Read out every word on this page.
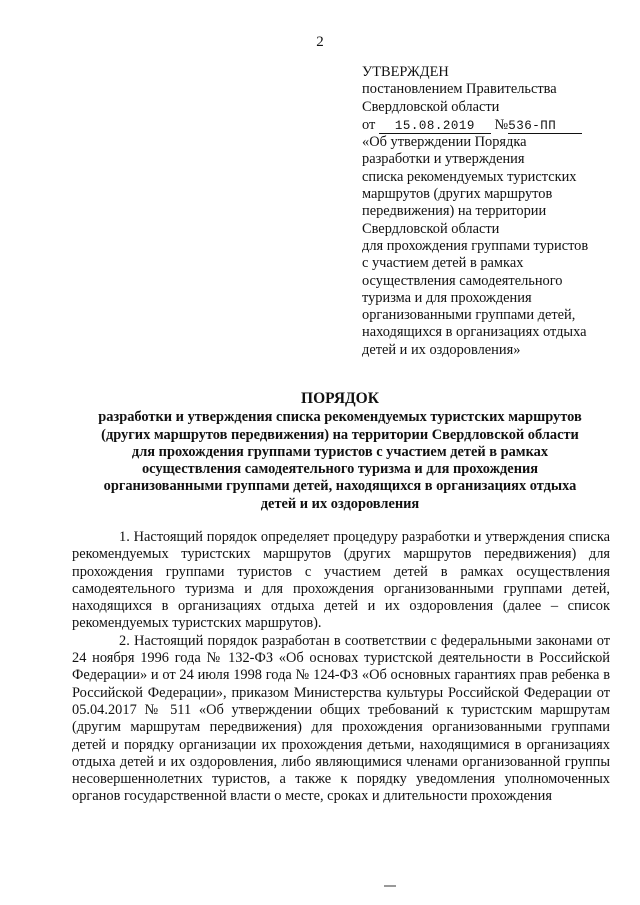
2
УТВЕРЖДЕН
постановлением Правительства
Свердловской области
от 15.08.2019 №536-ПП
«Об утверждении Порядка
разработки и утверждения
списка рекомендуемых туристских
маршрутов (других маршрутов
передвижения) на территории
Свердловской области
для прохождения группами туристов
с участием детей в рамках
осуществления самодеятельного
туризма и для прохождения
организованными группами детей,
находящихся в организациях отдыха
детей и их оздоровления»
ПОРЯДОК
разработки и утверждения списка рекомендуемых туристских маршрутов
(других маршрутов передвижения) на территории Свердловской области
для прохождения группами туристов с участием детей в рамках
осуществления самодеятельного туризма и для прохождения
организованными группами детей, находящихся в организациях отдыха
детей и их оздоровления

1. Настоящий порядок определяет процедуру разработки и утверждения списка рекомендуемых туристских маршрутов (других маршрутов передвижения) для прохождения группами туристов с участием детей в рамках осуществления самодеятельного туризма и для прохождения организованными группами детей, находящихся в организациях отдыха детей и их оздоровления (далее – список рекомендуемых туристских маршрутов).

2. Настоящий порядок разработан в соответствии с федеральными законами от 24 ноября 1996 года № 132-ФЗ «Об основах туристской деятельности в Российской Федерации» и от 24 июля 1998 года № 124-ФЗ «Об основных гарантиях прав ребенка в Российской Федерации», приказом Министерства культуры Российской Федерации от 05.04.2017 № 511 «Об утверждении общих требований к туристским маршрутам (другим маршрутам передвижения) для прохождения организованными группами детей и порядку организации их прохождения детьми, находящимися в организациях отдыха детей и их оздоровления, либо являющимися членами организованной группы несовершеннолетних туристов, а также к порядку уведомления уполномоченных органов государственной власти о месте, сроках и длительности прохождения
